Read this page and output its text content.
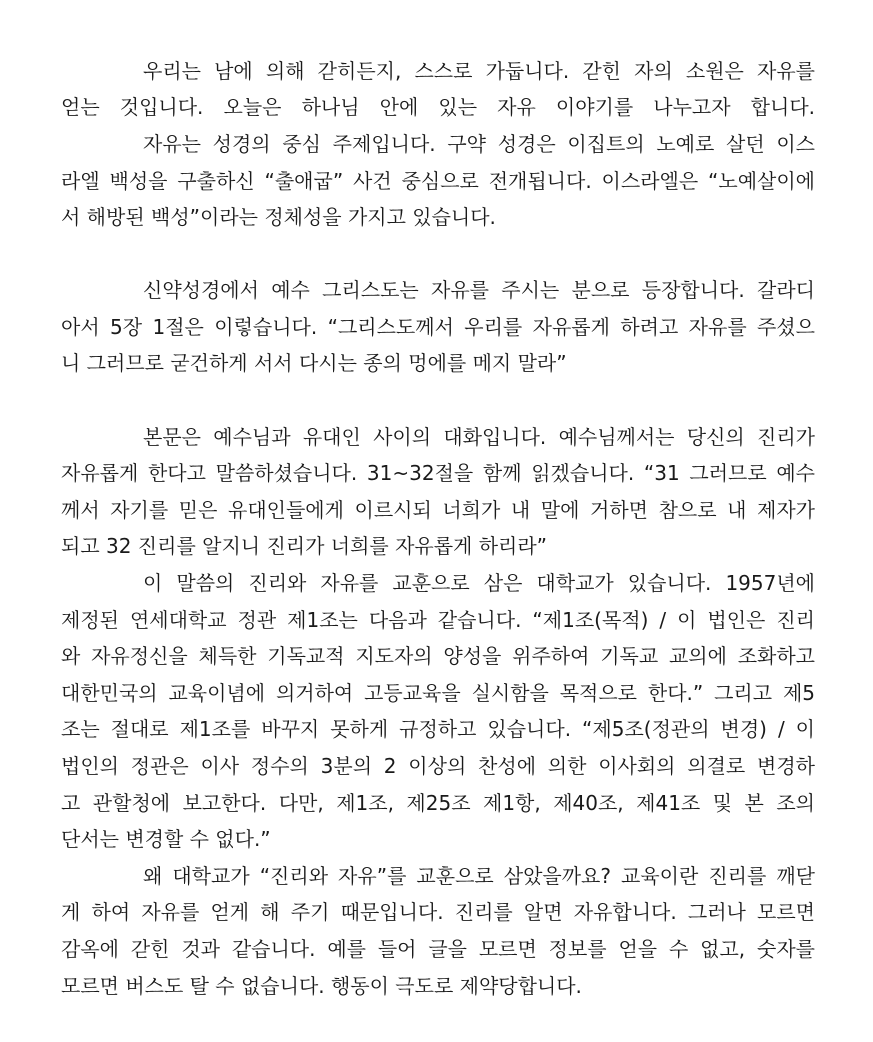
우리는 남에 의해 갇히든지, 스스로 가둡니다. 갇힌 자의 소원은 자유를
얻는 것입니다. 오늘은 하나님 안에 있는 자유 이야기를 나누고자 합니다.
자유는 성경의 중심 주제입니다. 구약 성경은 이집트의 노예로 살던 이스
라엘 백성을 구출하신 “출애굽” 사건 중심으로 전개됩니다. 이스라엘은 “노예살이에
서 해방된 백성”이라는 정체성을 가지고 있습니다.
신약성경에서 예수 그리스도는 자유를 주시는 분으로 등장합니다. 갈라디
아서 5장 1절은 이렇습니다. “그리스도께서 우리를 자유롭게 하려고 자유를 주셨으
니 그러므로 굳건하게 서서 다시는 종의 멍에를 메지 말라”
본문은 예수님과 유대인 사이의 대화입니다. 예수님께서는 당신의 진리가
자유롭게 한다고 말씀하셨습니다. 31~32절을 함께 읽겠습니다. “31 그러므로 예수
께서 자기를 믿은 유대인들에게 이르시되 너희가 내 말에 거하면 참으로 내 제자가
되고 32 진리를 알지니 진리가 너희를 자유롭게 하리라”
이 말씀의 진리와 자유를 교훈으로 삼은 대학교가 있습니다. 1957년에
제정된 연세대학교 정관 제1조는 다음과 같습니다. “제1조(목적) / 이 법인은 진리
와 자유정신을 체득한 기독교적 지도자의 양성을 위주하여 기독교 교의에 조화하고
대한민국의 교육이념에 의거하여 고등교육을 실시함을 목적으로 한다.” 그리고 제5
조는 절대로 제1조를 바꾸지 못하게 규정하고 있습니다. “제5조(정관의 변경) / 이
법인의 정관은 이사 정수의 3분의 2 이상의 찬성에 의한 이사회의 의결로 변경하
고 관할청에 보고한다. 다만, 제1조, 제25조 제1항, 제40조, 제41조 및 본 조의
단서는 변경할 수 없다.”
왜 대학교가 “진리와 자유”를 교훈으로 삼았을까요? 교육이란 진리를 깨닫
게 하여 자유를 얻게 해 주기 때문입니다. 진리를 알면 자유합니다. 그러나 모르면
감옥에 갇힌 것과 같습니다. 예를 들어 글을 모르면 정보를 얻을 수 없고, 숫자를
모르면 버스도 탈 수 없습니다. 행동이 극도로 제약당합니다.
